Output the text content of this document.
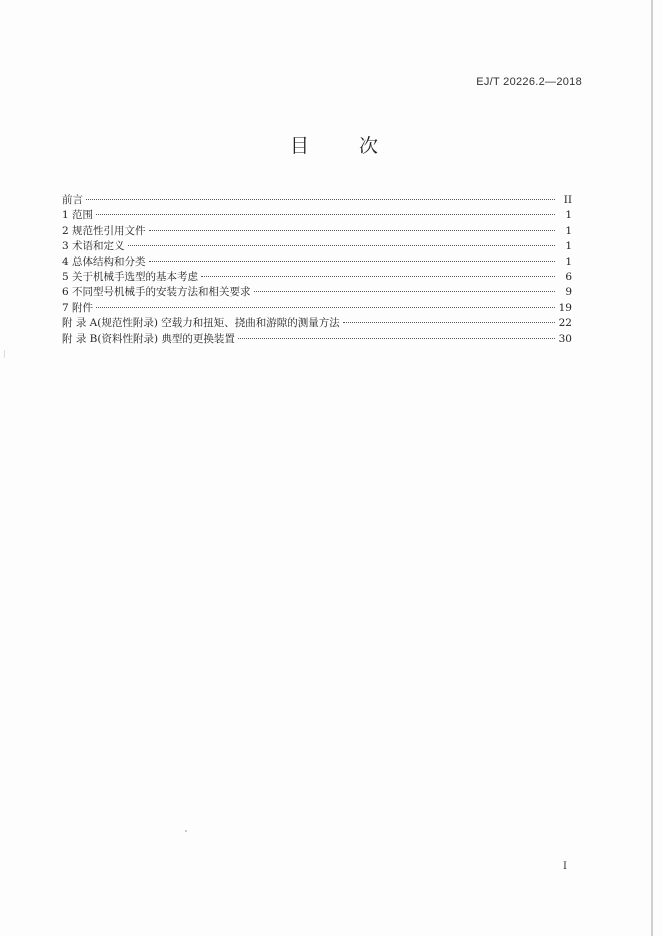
EJ/T 20226.2—2018
目 次
前言	II
1 范围	1
2 规范性引用文件	1
3 术语和定义	1
4 总体结构和分类	1
5 关于机械手选型的基本考虑	6
6 不同型号机械手的安装方法和相关要求	9
7 附件	19
附 录 A(规范性附录) 空载力和扭矩、挠曲和游隙的测量方法	22
附 录 B(资料性附录) 典型的更换装置	30
I
